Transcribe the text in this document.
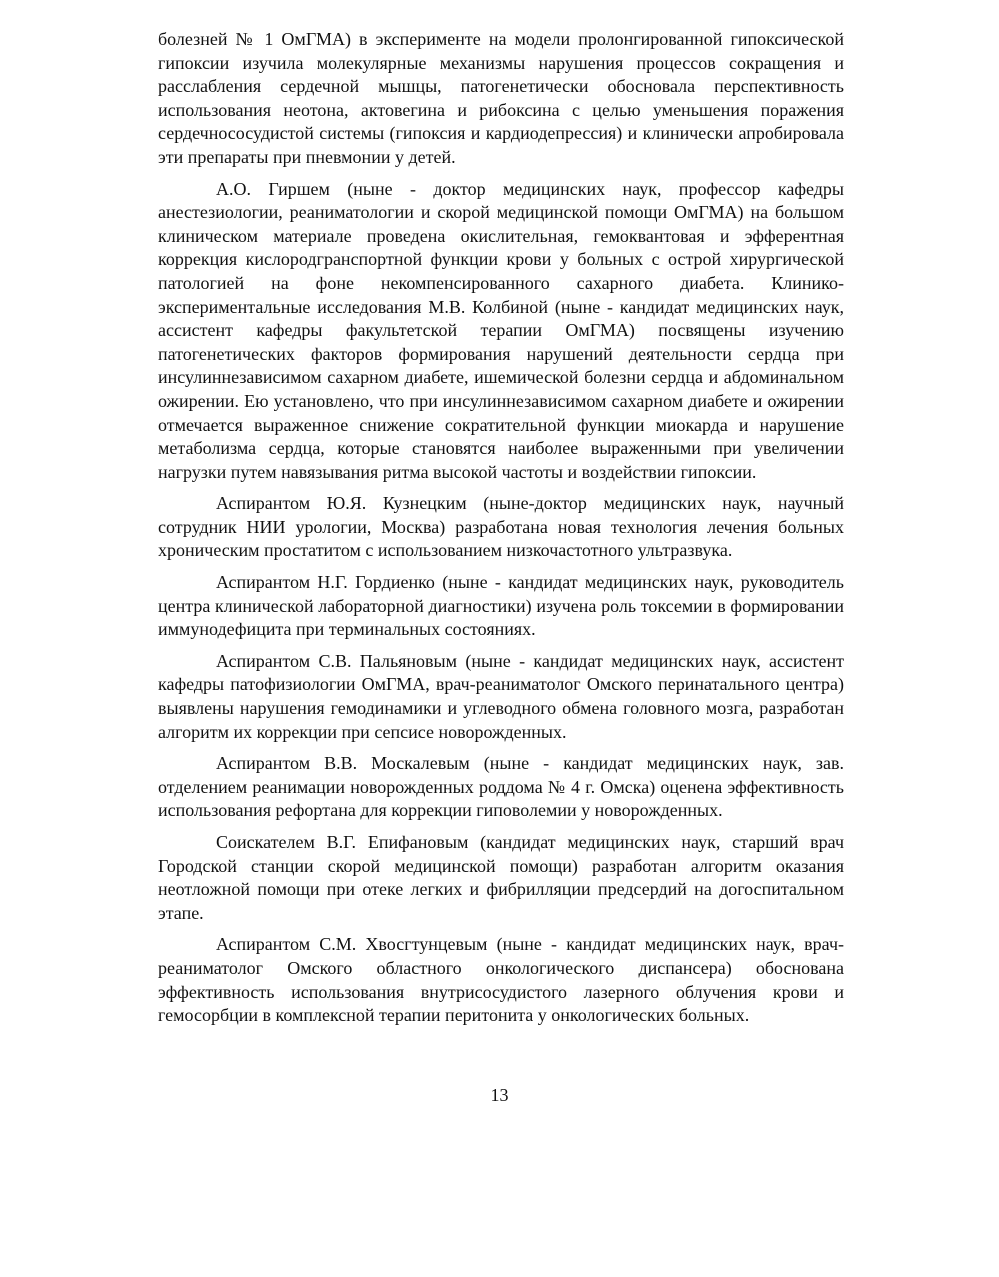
болезней № 1 ОмГМА) в эксперименте на модели пролонгированной гипоксической гипоксии изучила молекулярные механизмы нарушения процессов сокращения и расслабления сердечной мышцы, патогенетически обосновала перспективность использования неотона, актовегина и рибоксина с целью уменьшения поражения сердечнососудистой системы (гипоксия и кардиодепрессия) и клинически апробировала эти препараты при пневмонии у детей.

А.О. Гиршем (ныне - доктор медицинских наук, профессор кафедры анестезиологии, реаниматологии и скорой медицинской помощи ОмГМА) на большом клиническом материале проведена окислительная, гемоквантовая и эфферентная коррекция кислородгранспортной функции крови у больных с острой хирургической патологией на фоне некомпенсированного сахарного диабета. Клинико-экспериментальные исследования М.В. Колбиной (ныне - кандидат медицинских наук, ассистент кафедры факультетской терапии ОмГМА) посвящены изучению патогенетических факторов формирования нарушений деятельности сердца при инсулиннезависимом сахарном диабете, ишемической болезни сердца и абдоминальном ожирении. Ею установлено, что при инсулиннезависимом сахарном диабете и ожирении отмечается выраженное снижение сократительной функции миокарда и нарушение метаболизма сердца, которые становятся наиболее выраженными при увеличении нагрузки путем навязывания ритма высокой частоты и воздействии гипоксии.

Аспирантом Ю.Я. Кузнецким (ныне-доктор медицинских наук, научный сотрудник НИИ урологии, Москва) разработана новая технология лечения больных хроническим простатитом с использованием низкочастотного ультразвука.

Аспирантом Н.Г. Гордиенко (ныне - кандидат медицинских наук, руководитель центра клинической лабораторной диагностики) изучена роль токсемии в формировании иммунодефицита при терминальных состояниях.

Аспирантом С.В. Пальяновым (ныне - кандидат медицинских наук, ассистент кафедры патофизиологии ОмГМА, врач-реаниматолог Омского перинатального центра) выявлены нарушения гемодинамики и углеводного обмена головного мозга, разработан алгоритм их коррекции при сепсисе новорожденных.

Аспирантом В.В. Москалевым (ныне - кандидат медицинских наук, зав. отделением реанимации новорожденных роддома № 4 г. Омска) оценена эффективность использования рефортана для коррекции гиповолемии у новорожденных.

Соискателем В.Г. Епифановым (кандидат медицинских наук, старший врач Городской станции скорой медицинской помощи) разработан алгоритм оказания неотложной помощи при отеке легких и фибрилляции предсердий на догоспитальном этапе.

Аспирантом С.М. Хвосгтунцевым (ныне - кандидат медицинских наук, врач-реаниматолог Омского областного онкологического диспансера) обоснована эффективность использования внутрисосудистого лазерного облучения крови и гемосорбции в комплексной терапии перитонита у онкологических больных.

13
